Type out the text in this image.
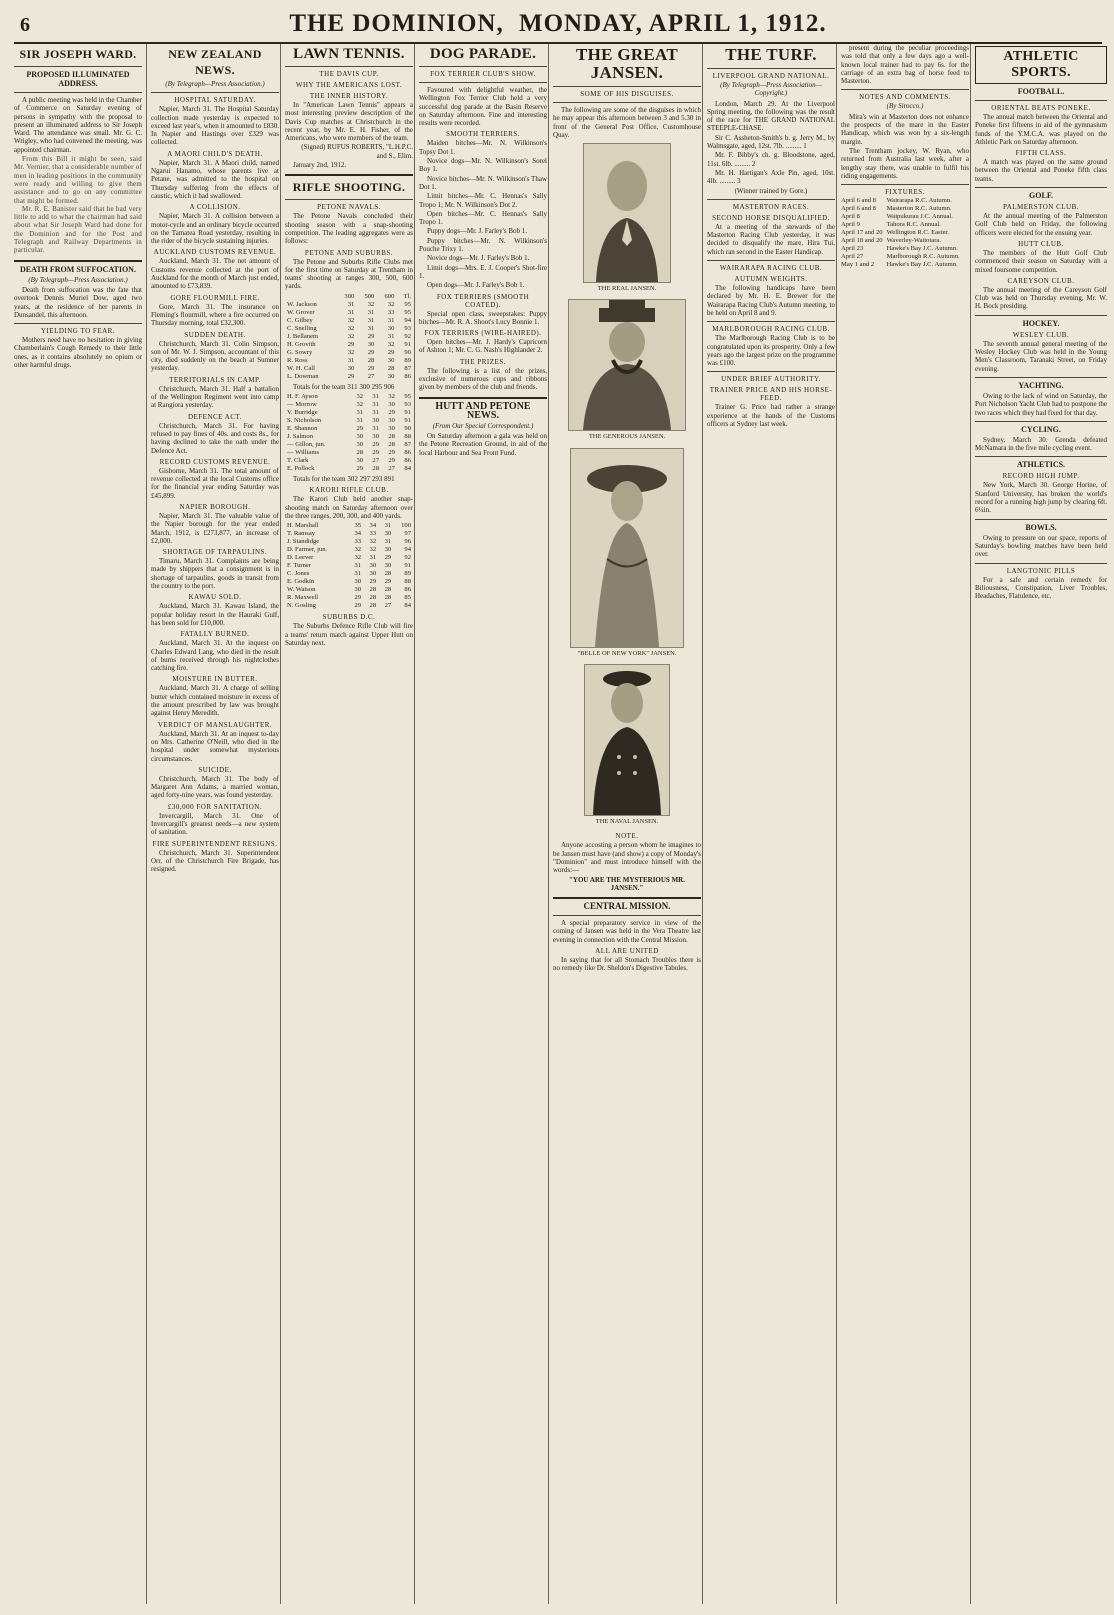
6	THE DOMINION, MONDAY, APRIL 1, 1912.
SIR JOSEPH WARD.
PROPOSED ILLUMINATED ADDRESS.

A public meeting was held in the Chamber of Commerce on Saturday evening of persons in sympathy with the proposal to present an illuminated address to Sir Joseph Ward. The attendance was small. Mr. G. C. Wrigley, who had convened the meeting, was appointed chairman.

From this Bill it might be seen, said Mr. Vernier, that a considerable number of men in leading positions in the community were ready and willing to give them assistance and to go on any committee that might be formed.

Mr. R. E. Banister said that he had very little to add to what the chairman had said about what Sir Joseph Ward had done for the Dominion and for the Post and Telegraph and Railway Departments in particular.

DEATH FROM SUFFOCATION.
(By Telegraph—Press Association.)

Death from suffocation was the fate that overtook Dennis Muriel Dow, aged two years, at the residence of her parents in Dunsandel, this afternoon.

YIELDING TO FEAR.

Mothers need have no hesitation in giving Chamberlain's Cough Remedy to their little ones, as it contains absolutely no opium or other harmful drugs.

NEW ZEALAND NEWS.
(By Telegraph—Press Association.)
HOSPITAL SATURDAY.

Napier, March 31. The Hospital Saturday collection made yesterday is expected to exceed last year's, when it amounted to £830. In Napier and Hastings over £329 was collected.

A MAORI CHILD'S DEATH.

Napier, March 31. A Maori child, named Ngarui Hanamo, whose parents live at Petane, was admitted to the hospital on Thursday suffering from the effects of caustic, which it had swallowed.

A COLLISION.

Napier, March 31. A collision between a motor-cycle and an ordinary bicycle occurred on the Tamatea Road yesterday, resulting in the rider of the bicycle sustaining injuries.

AUCKLAND CUSTOMS REVENUE.

Auckland, March 31. The net amount of Customs revenue collected at the port of Auckland for the month of March just ended, amounted to £73,839.

GORE FLOURMILL FIRE.

Gore, March 31. The insurance on Fleming's flourmill, where a fire occurred on Thursday morning, total £32,300.

SUDDEN DEATH.

Christchurch, March 31. Colin Simpson, son of Mr. W. J. Simpson, accountant of this city, died suddenly on the beach at Sumner yesterday.

TERRITORIALS IN CAMP.

Christchurch, March 31. Half a battalion of the Wellington Regiment went into camp at Rangiora yesterday.

DEFENCE ACT.

Christchurch, March 31. For having refused to pay fines of 40s. and costs 8s., for having declined to take the oath under the Defence Act.

RECORD CUSTOMS REVENUE.

Gisborne, March 31. The total amount of revenue collected at the local Customs office for the financial year ending Saturday was £45,899.

NAPIER BOROUGH.

Napier, March 31. The valuable value of the Napier borough for the year ended March, 1912, is £273,877, an increase of £2,000.

SHORTAGE OF TARPAULINS.

Timaru, March 31. Complaints are being made by shippers that a consignment is in shortage of tarpaulins, goods in transit from the country to the port.

KAWAU SOLD.

Auckland, March 31. Kawau Island, the popular holiday resort in the Hauraki Gulf, has been sold for £10,000.

FATALLY BURNED.

Auckland, March 31. At the inquest on Charles Edward Lang, who died in the result of burns received through his nightclothes catching fire.

MOISTURE IN BUTTER.

Auckland, March 31. A charge of selling butter which contained moisture in excess of the amount prescribed by law was brought against Henry Meredith.

VERDICT OF MANSLAUGHTER.

Auckland, March 31. At an inquest to-day on Mrs. Catherine O'Neill, who died in the hospital under somewhat mysterious circumstances.

SUICIDE.

Christchurch, March 31. The body of Margaret Ann Adams, a married woman, aged forty-nine years, was found yesterday.

£30,000 FOR SANITATION.

Invercargill, March 31. One of Invercargill's greatest needs—a new system of sanitation.

FIRE SUPERINTENDENT RESIGNS.

Christchurch, March 31. Superintendent Orr, of the Christchurch Fire Brigade, has resigned.

LAWN TENNIS.
THE DAVIS CUP.
WHY THE AMERICANS LOST.
THE INNER HISTORY.

In "American Lawn Tennis" appears a most interesting preview description of the Davis Cup matches at Christchurch in the recent year, by Mr. E. H. Fisher, of the Americans, who were members of the team.

(Signed) RUFUS ROBERTS, "L.H.P.C. and S., Elim.

January 2nd, 1912.

RIFLE SHOOTING.
PETONE NAVALS.

The Petone Navals concluded their shooting season with a snap-shooting competition. The leading aggregates were as follows:

PETONE AND SUBURBS.

The Petone and Suburbs Rifle Clubs met for the first time on Saturday at Trentham in teams' shooting at ranges 300, 500, 600 yards.

	300	500	600	Tl.
W. Jackson	31	32	32	95
W. Grover	31	31	33	95
C. Gilbey	32	31	31	94
C. Snelling	32	31	30	93
J. Bellanem	32	29	31	92
H. Grovith	29	30	32	91
G. Sowry	32	29	29	90
R. Ross	31	28	30	89
W. H. Call	30	29	28	87
L. Dowman	29	27	30	86

Totals for the team 311 300 295 906

H. F. Ayson	32	31	32	95
— Morrow	32	31	30	93
V. Burridge	31	31	29	91
S. Nicholson	31	30	30	91
E. Shannon	29	31	30	90
J. Salmon	30	30	28	88
— Gillon, jun.	30	29	28	87
— Williams	28	29	29	86
T. Clark	30	27	29	86
E. Pollock	29	28	27	84

Totals for the team 302 297 293 891

KARORI RIFLE CLUB.

The Karori Club held another snap-shooting match on Saturday afternoon over the three ranges, 200, 300, and 400 yards.

H. Marshall	35	34	31	100
T. Ramsay	34	33	30	97
J. Standidge	33	32	31	96
D. Farmer, jun.	32	32	30	94
D. Leever	32	31	29	92
F. Turner	31	30	30	91
C. Jones	31	30	28	89
E. Godkin	30	29	29	88
W. Watson	30	28	28	86
R. Maxwell	29	28	28	85
N. Gosling	29	28	27	84
SUBURBS D.C.

The Suburbs Defence Rifle Club will fire a teams' return match against Upper Hutt on Saturday next.

DOG PARADE.
FOX TERRIER CLUB'S SHOW.

Favoured with delightful weather, the Wellington Fox Terrier Club held a very successful dog parade at the Basin Reserve on Saturday afternoon. Fine and interesting results were recorded.

SMOOTH TERRIERS.

Maiden bitches—Mr. N. Wilkinson's Topsy Dot 1.

Novice dogs—Mr. N. Wilkinson's Sorel Boy 1.

Novice bitches—Mr. N. Wilkinson's Thaw Dot 1.

Limit bitches—Mr. C. Hennas's Sally Tropo 1; Mr. N. Wilkinson's Dot 2.

Open bitches—Mr. C. Hennas's Sally Tropo 1.

Puppy dogs—Mr. J. Farley's Bob 1.

Puppy bitches—Mr. N. Wilkinson's Pouche Trixy 1.

Novice dogs—Mr. J. Farley's Bob 1.

Limit dogs—Mrs. E. J. Cooper's Shot-fire 1.

Open dogs—Mr. J. Farley's Bob 1.

FOX TERRIERS (SMOOTH COATED).

Special open class, sweepstakes: Puppy bitches—Mr. R. A. Shoot's Lucy Bonnie 1.

FOX TERRIERS (WIRE-HAIRED).

Open bitches—Mr. J. Hardy's Capricorn of Ashton 1; Mr. C. G. Nash's Highlander 2.

THE PRIZES.

The following is a list of the prizes, exclusive of numerous cups and ribbons given by members of the club and friends.

HUTT AND PETONE NEWS.
(From Our Special Correspondent.)

On Saturday afternoon a gala was held on the Petone Recreation Ground, in aid of the local Harbour and Sea Front Fund.

THE GREAT JANSEN.
SOME OF HIS DISGUISES.

The following are some of the disguises in which he may appear this afternoon between 3 and 5.30 in front of the General Post Office, Customhouse Quay.

THE REAL JANSEN.
THE GENEROUS JANSEN.
"BELLE OF NEW YORK" JANSEN.
THE NAVAL JANSEN.
NOTE.

Anyone accosting a person whom he imagines to be Jansen must have (and show) a copy of Monday's "Dominion" and must introduce himself with the words:—

"YOU ARE THE MYSTERIOUS MR. JANSEN."

CENTRAL MISSION.

A special preparatory service in view of the coming of Jansen was held in the Vera Theatre last evening in connection with the Central Mission.

ALL ARE UNITED

In saying that for all Stomach Troubles there is no remedy like Dr. Sheldon's Digestive Tabules.

THE TURF.
LIVERPOOL GRAND NATIONAL.
(By Telegraph—Press Association—Copyright.)

London, March 29. At the Liverpool Spring meeting, the following was the result of the race for THE GRAND NATIONAL STEEPLE-CHASE.

Sir C. Assheton-Smith's b. g. Jerry M., by Walmsgate, aged, 12st. 7lb. ......... 1

Mr. F. Bibby's ch. g. Bloodstone, aged, 11st. 6lb. ......... 2

Mr. H. Hartigan's Axle Pin, aged, 10st. 4lb. ......... 3

(Winner trained by Gore.)

MASTERTON RACES.
SECOND HORSE DISQUALIFIED.

At a meeting of the stewards of the Masterton Racing Club yesterday, it was decided to disqualify the mare, Hira Tui, which ran second in the Easter Handicap.

WAIRARAPA RACING CLUB.
AUTUMN WEIGHTS.

The following handicaps have been declared by Mr. H. E. Brewer for the Wairarapa Racing Club's Autumn meeting, to be held on April 8 and 9.

MARLBOROUGH RACING CLUB.

The Marlborough Racing Club is to be congratulated upon its prosperity. Only a few years ago the largest prize on the programme was £100.

UNDER BRIEF AUTHORITY.
TRAINER PRICE AND HIS HORSE-FEED.

Trainer G. Price had rather a strange experience at the hands of the Customs officers at Sydney last week.

present during the peculiar proceedings was told that only a few days ago a well-known local trainer had to pay 6s. for the carriage of an extra bag of horse feed to Masterton.

NOTES AND COMMENTS.
(By Sirocco.)

Mira's win at Masterton does not enhance the prospects of the mare in the Easter Handicap, which was won by a six-length margin.

The Trentham jockey, W. Ryan, who returned from Australia last week, after a lengthy stay there, was unable to fulfil his riding engagements.

FIXTURES.
April 6 and 8	Wairarapa R.C. Autumn.
April 6 and 8	Masterton R.C. Autumn.
April 8	Waipukurau J.C. Annual.
April 9	Tahora R.C. Annual.
April 17 and 20 Wellington R.C. Easter.
April 18 and 20 Waverley-Waitotara.
April 23	Hawke's Bay J.C. Autumn.
April 27	Marlborough R.C. Autumn.
May 1 and 2	Hawke's Bay J.C. Autumn.
ATHLETIC SPORTS.
FOOTBALL.
ORIENTAL BEATS PONEKE.

The annual match between the Oriental and Poneke first fifteens in aid of the gymnasium funds of the Y.M.C.A. was played on the Athletic Park on Saturday afternoon.

FIFTH CLASS.

A match was played on the same ground between the Oriental and Poneke fifth class teams.

GOLF.
PALMERSTON CLUB.

At the annual meeting of the Palmerston Golf Club held on Friday, the following officers were elected for the ensuing year.

HUTT CLUB.

The members of the Hutt Golf Club commenced their season on Saturday with a mixed foursome competition.

CAREYSON CLUB.

The annual meeting of the Careyson Golf Club was held on Thursday evening, Mr. W. H. Bock presiding.

HOCKEY.
WESLEY CLUB.

The seventh annual general meeting of the Wesley Hockey Club was held in the Young Men's Classroom, Taranaki Street, on Friday evening.

YACHTING.

Owing to the lack of wind on Saturday, the Port Nicholson Yacht Club had to postpone the two races which they had fixed for that day.

CYCLING.

Sydney, March 30. Grenda defeated McNamara in the five mile cycling event.

ATHLETICS.
RECORD HIGH JUMP.

New York, March 30. George Horine, of Stanford University, has broken the world's record for a running high jump by clearing 6ft. 6¼in.

BOWLS.

Owing to pressure on our space, reports of Saturday's bowling matches have been held over.

LANGTONIC PILLS

For a safe and certain remedy for Biliousness, Constipation, Liver Troubles, Headaches, Flatulence, etc.
